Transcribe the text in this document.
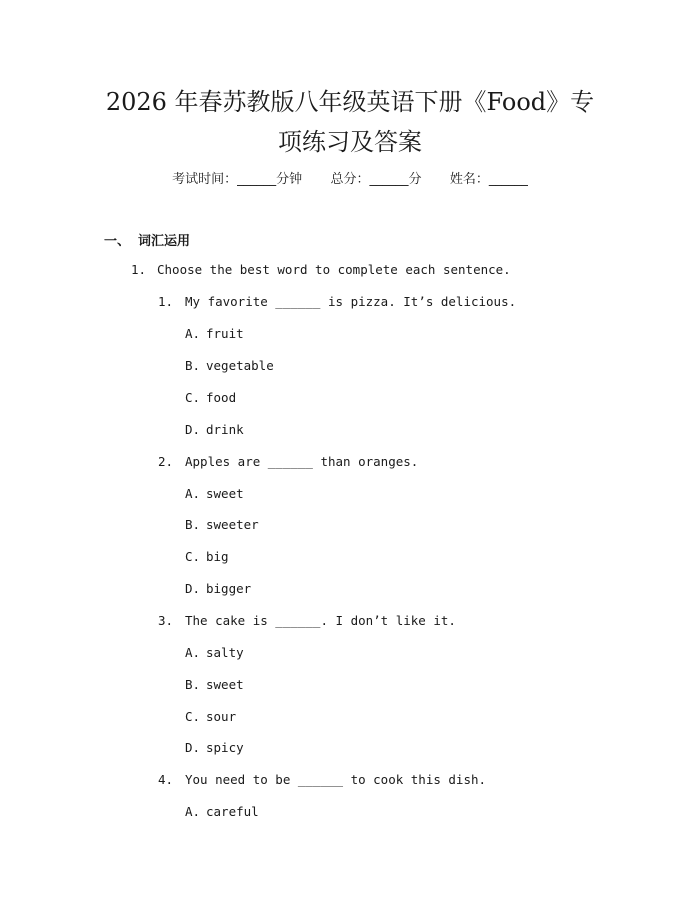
2026 年春苏教版八年级英语下册《Food》专
项练习及答案
考试时间：______分钟 总分：______分 姓名：______
一、 词汇运用
1. Choose the best word to complete each sentence.
1. My favorite ______ is pizza. It’s delicious.
A. fruit
B. vegetable
C. food
D. drink
2. Apples are ______ than oranges.
A. sweet
B. sweeter
C. big
D. bigger
3. The cake is ______. I don’t like it.
A. salty
B. sweet
C. sour
D. spicy
4. You need to be ______ to cook this dish.
A. careful
